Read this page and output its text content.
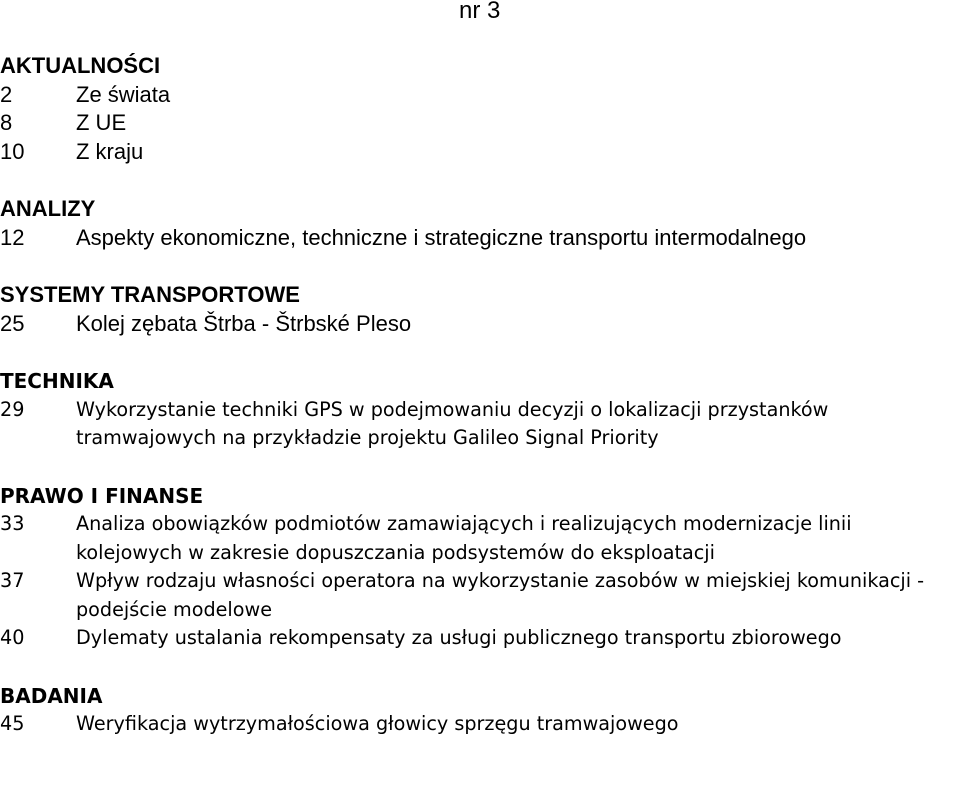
nr 3
AKTUALNOŚCI
2	Ze świata
8	Z UE
10	Z kraju
ANALIZY
12	Aspekty ekonomiczne, techniczne i strategiczne transportu intermodalnego
SYSTEMY TRANSPORTOWE
25	Kolej zębata Štrba - Štrbské Pleso
TECHNIKA
29	Wykorzystanie techniki GPS w podejmowaniu decyzji o lokalizacji przystanków tramwajowych na przykładzie projektu Galileo Signal Priority
PRAWO I FINANSE
33	Analiza obowiązków podmiotów zamawiających i realizujących modernizacje linii kolejowych w zakresie dopuszczania podsystemów do eksploatacji
37	Wpływ rodzaju własności operatora na wykorzystanie zasobów w miejskiej komunikacji - podejście modelowe
40	Dylematy ustalania rekompensaty za usługi publicznego transportu zbiorowego
BADANIA
45	Weryfikacja wytrzymałościowa głowicy sprzęgu tramwajowego
